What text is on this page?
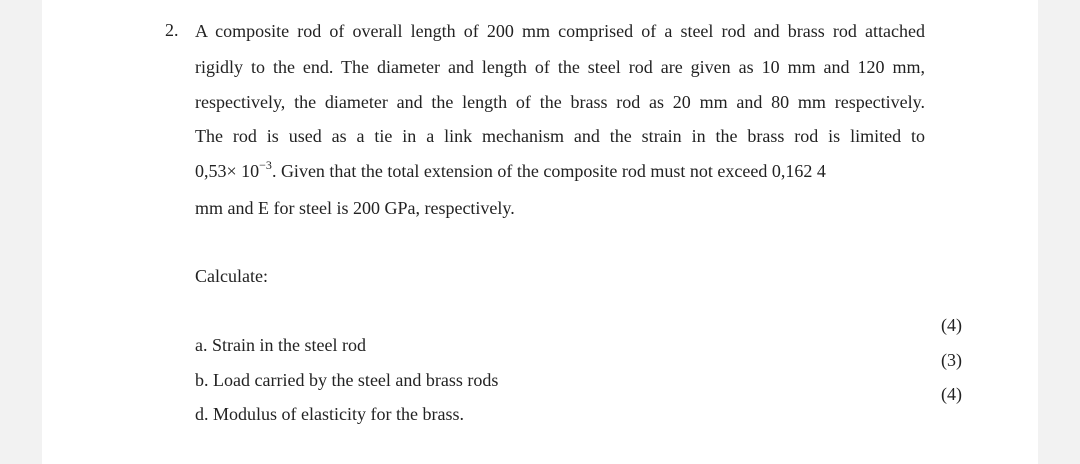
2. A composite rod of overall length of 200 mm comprised of a steel rod and brass rod attached
rigidly to the end. The diameter and length of the steel rod are given as 10 mm and 120 mm,
respectively, the diameter and the length of the brass rod as 20 mm and 80 mm respectively.
The rod is used as a tie in a link mechanism and the strain in the brass rod is limited to
$0,53\times 10^{-3}$. Given that the total extension of the composite rod must not exceed 0,162 4
mm and E for steel is 200 GPa, respectively.
Calculate:
a. Strain in the steel rod
b. Load carried by the steel and brass rods
d. Modulus of elasticity for the brass.
(4)
(3)
(4)
